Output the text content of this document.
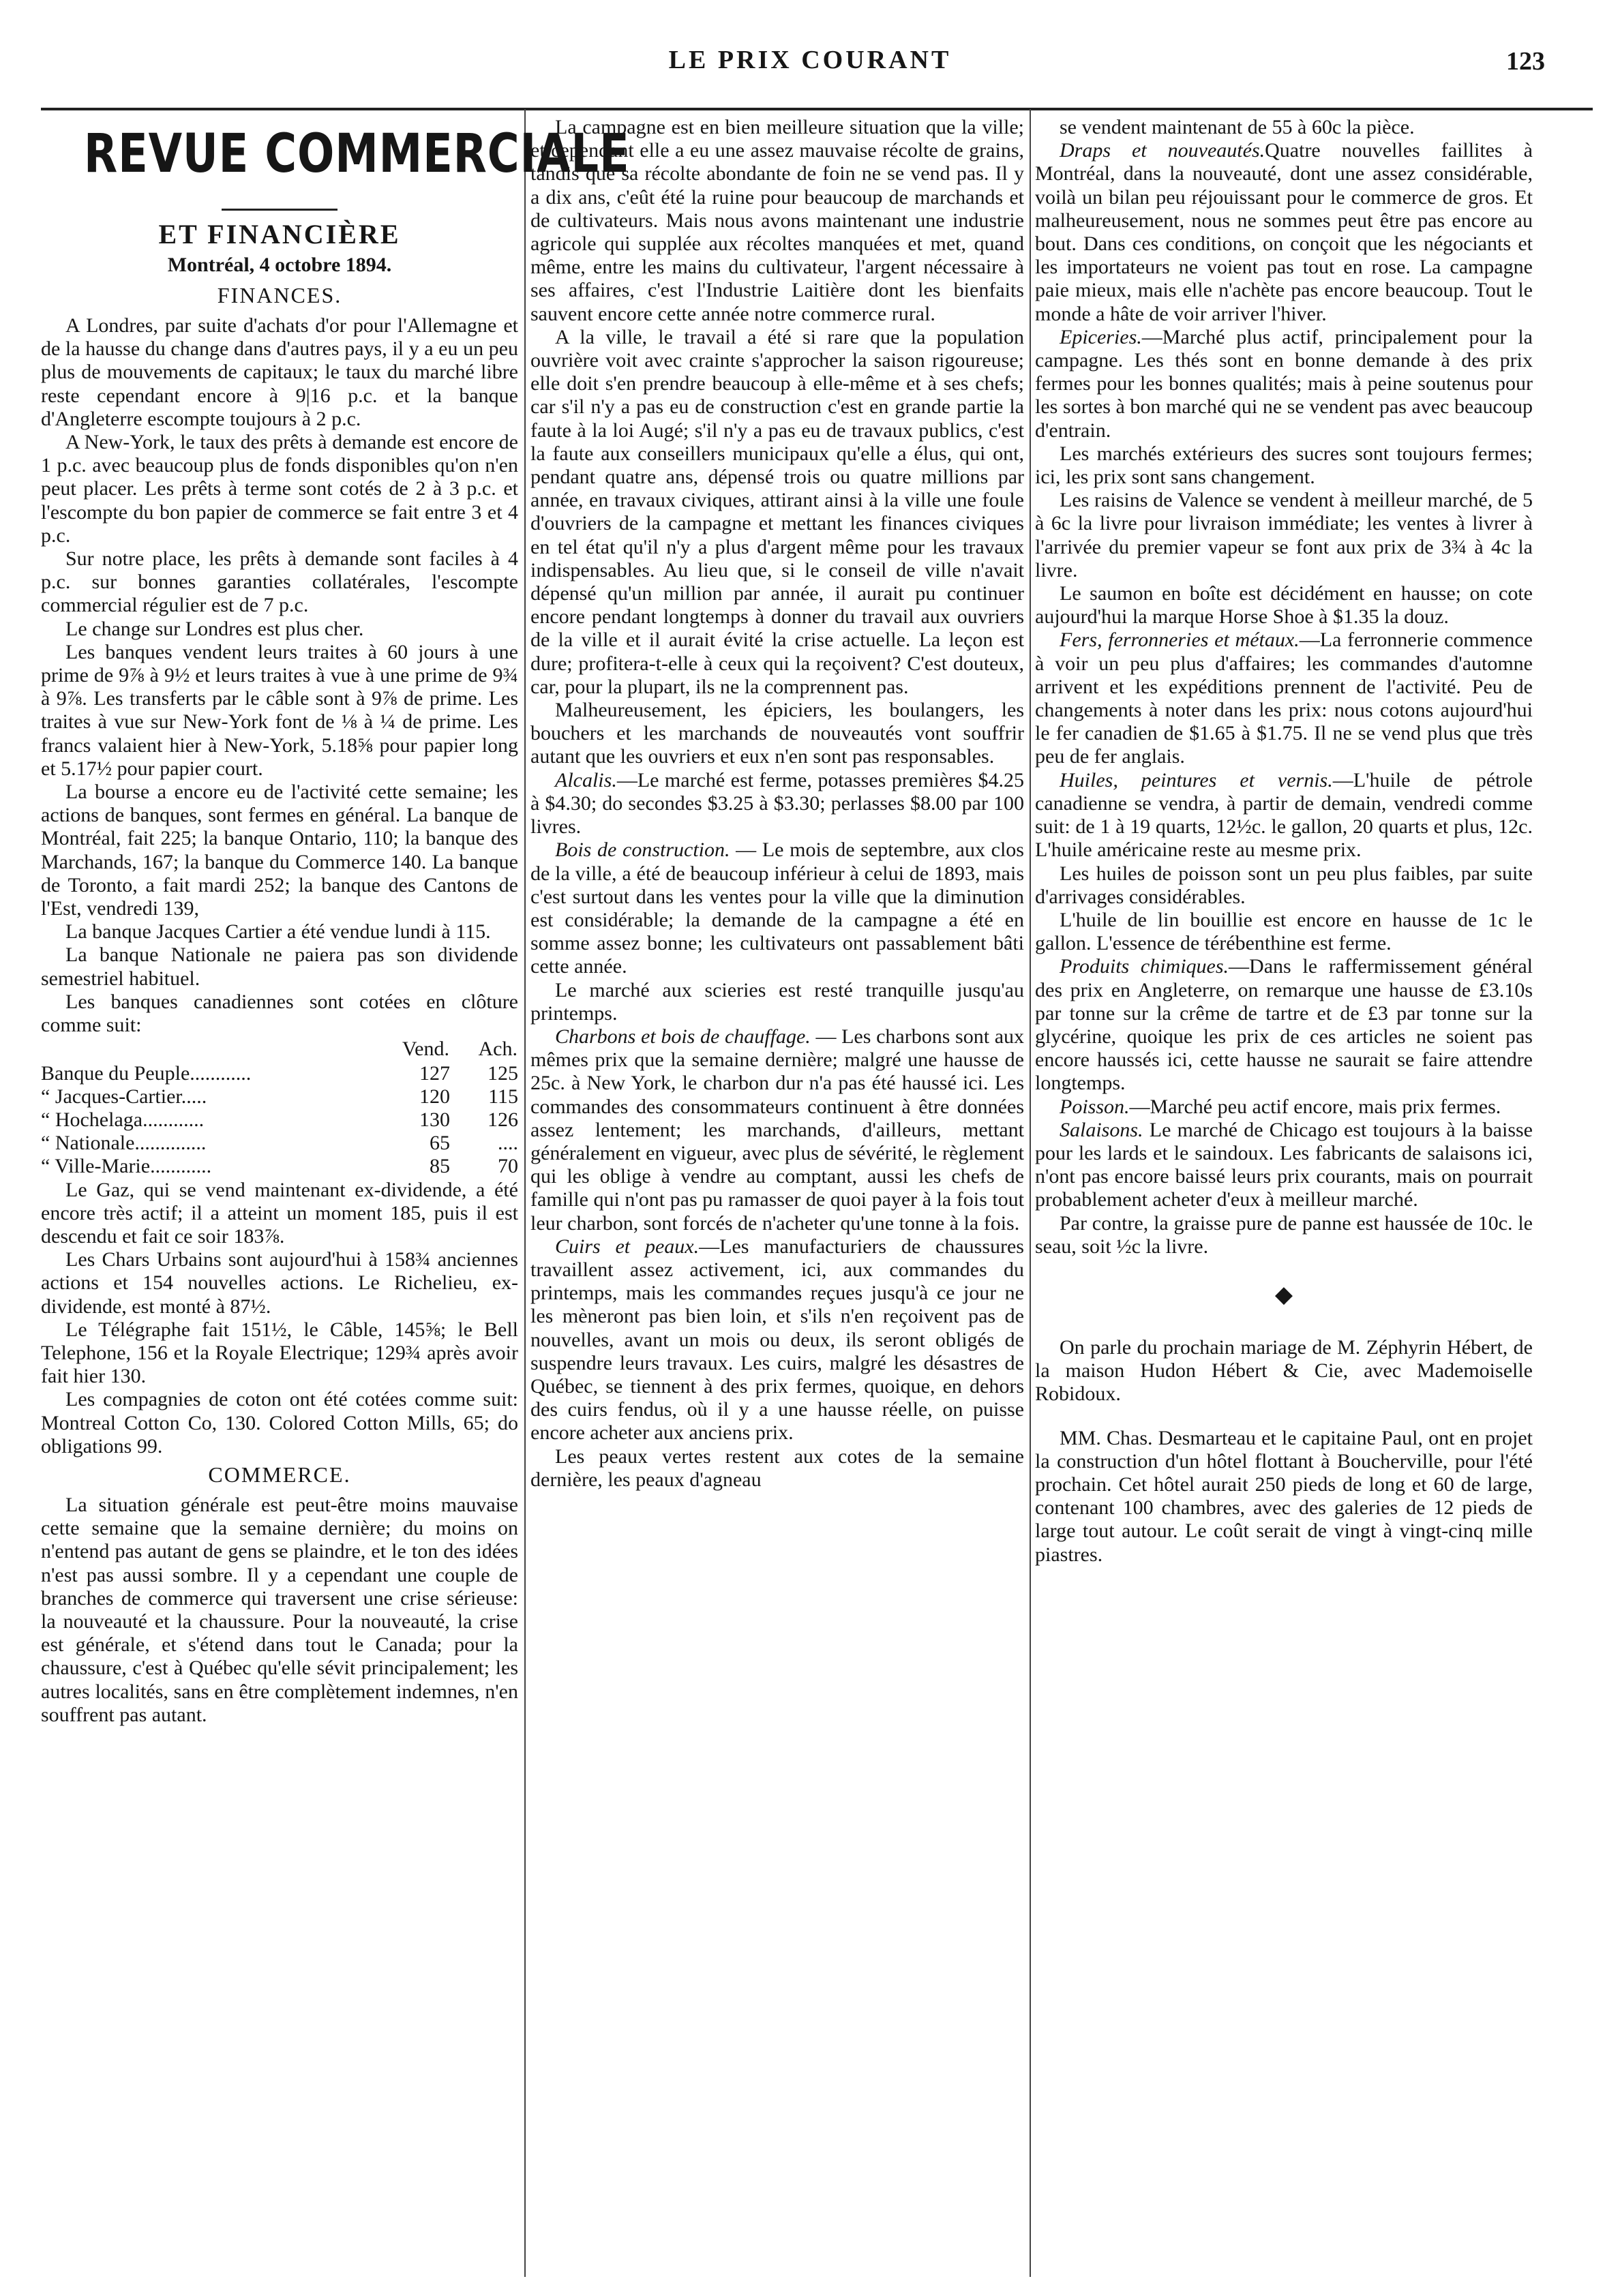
LE PRIX COURANT	123
REVUE COMMERCIALE
ET FINANCIÈRE
Montréal, 4 octobre 1894.
FINANCES.

A Londres, par suite d'achats d'or pour l'Allemagne et de la hausse du change dans d'autres pays, il y a eu un peu plus de mouvements de capitaux; le taux du marché libre reste cependant encore à 9|16 p.c. et la banque d'Angleterre escompte toujours à 2 p.c.

A New-York, le taux des prêts à demande est encore de 1 p.c. avec beaucoup plus de fonds disponibles qu'on n'en peut placer. Les prêts à terme sont cotés de 2 à 3 p.c. et l'escompte du bon papier de commerce se fait entre 3 et 4 p.c.

Sur notre place, les prêts à demande sont faciles à 4 p.c. sur bonnes garanties collatérales, l'escompte commercial régulier est de 7 p.c.

Le change sur Londres est plus cher.

Les banques vendent leurs traites à 60 jours à une prime de 9⅞ à 9½ et leurs traites à vue à une prime de 9¾ à 9⅞. Les transferts par le câble sont à 9⅞ de prime. Les traites à vue sur New-York font de ⅛ à ¼ de prime. Les francs valaient hier à New-York, 5.18⅝ pour papier long et 5.17½ pour papier court.

La bourse a encore eu de l'activité cette semaine; les actions de banques, sont fermes en général. La banque de Montréal, fait 225; la banque Ontario, 110; la banque des Marchands, 167; la banque du Commerce 140. La banque de Toronto, a fait mardi 252; la banque des Cantons de l'Est, vendredi 139,

La banque Jacques Cartier a été vendue lundi à 115.

La banque Nationale ne paiera pas son dividende semestriel habituel.

Les banques canadiennes sont cotées en clôture comme suit:

	Vend.	Ach.
Banque du Peuple............	127	125
“ Jacques-Cartier.....	120	115
“ Hochelaga............	130	126
“ Nationale..............	65	....
“ Ville-Marie............	85	70

Le Gaz, qui se vend maintenant ex-dividende, a été encore très actif; il a atteint un moment 185, puis il est descendu et fait ce soir 183⅞.

Les Chars Urbains sont aujourd'hui à 158¾ anciennes actions et 154 nouvelles actions. Le Richelieu, ex-dividende, est monté à 87½.

Le Télégraphe fait 151½, le Câble, 145⅝; le Bell Telephone, 156 et la Royale Electrique; 129¾ après avoir fait hier 130.

Les compagnies de coton ont été cotées comme suit: Montreal Cotton Co, 130. Colored Cotton Mills, 65; do obligations 99.

COMMERCE.

La situation générale est peut-être moins mauvaise cette semaine que la semaine dernière; du moins on n'entend pas autant de gens se plaindre, et le ton des idées n'est pas aussi sombre. Il y a cependant une couple de branches de commerce qui traversent une crise sérieuse: la nouveauté et la chaussure. Pour la nouveauté, la crise est générale, et s'étend dans tout le Canada; pour la chaussure, c'est à Québec qu'elle sévit principalement; les autres localités, sans en être complètement indemnes, n'en souffrent pas autant.

La campagne est en bien meilleure situation que la ville; et cependant elle a eu une assez mauvaise récolte de grains, tandis que sa récolte abondante de foin ne se vend pas. Il y a dix ans, c'eût été la ruine pour beaucoup de marchands et de cultivateurs. Mais nous avons maintenant une industrie agricole qui supplée aux récoltes manquées et met, quand même, entre les mains du cultivateur, l'argent nécessaire à ses affaires, c'est l'Industrie Laitière dont les bienfaits sauvent encore cette année notre commerce rural.

A la ville, le travail a été si rare que la population ouvrière voit avec crainte s'approcher la saison rigoureuse; elle doit s'en prendre beaucoup à elle-même et à ses chefs; car s'il n'y a pas eu de construction c'est en grande partie la faute à la loi Augé; s'il n'y a pas eu de travaux publics, c'est la faute aux conseillers municipaux qu'elle a élus, qui ont, pendant quatre ans, dépensé trois ou quatre millions par année, en travaux civiques, attirant ainsi à la ville une foule d'ouvriers de la campagne et mettant les finances civiques en tel état qu'il n'y a plus d'argent même pour les travaux indispensables. Au lieu que, si le conseil de ville n'avait dépensé qu'un million par année, il aurait pu continuer encore pendant longtemps à donner du travail aux ouvriers de la ville et il aurait évité la crise actuelle. La leçon est dure; profitera-t-elle à ceux qui la reçoivent? C'est douteux, car, pour la plupart, ils ne la comprennent pas.

Malheureusement, les épiciers, les boulangers, les bouchers et les marchands de nouveautés vont souffrir autant que les ouvriers et eux n'en sont pas responsables.

Alcalis.—Le marché est ferme, potasses premières $4.25 à $4.30; do secondes $3.25 à $3.30; perlasses $8.00 par 100 livres.

Bois de construction. — Le mois de septembre, aux clos de la ville, a été de beaucoup inférieur à celui de 1893, mais c'est surtout dans les ventes pour la ville que la diminution est considérable; la demande de la campagne a été en somme assez bonne; les cultivateurs ont passablement bâti cette année.

Le marché aux scieries est resté tranquille jusqu'au printemps.

Charbons et bois de chauffage. — Les charbons sont aux mêmes prix que la semaine dernière; malgré une hausse de 25c. à New York, le charbon dur n'a pas été haussé ici. Les commandes des consommateurs continuent à être données assez lentement; les marchands, d'ailleurs, mettant généralement en vigueur, avec plus de sévérité, le règlement qui les oblige à vendre au comptant, aussi les chefs de famille qui n'ont pas pu ramasser de quoi payer à la fois tout leur charbon, sont forcés de n'acheter qu'une tonne à la fois.

Cuirs et peaux.—Les manufacturiers de chaussures travaillent assez activement, ici, aux commandes du printemps, mais les commandes reçues jusqu'à ce jour ne les mèneront pas bien loin, et s'ils n'en reçoivent pas de nouvelles, avant un mois ou deux, ils seront obligés de suspendre leurs travaux. Les cuirs, malgré les désastres de Québec, se tiennent à des prix fermes, quoique, en dehors des cuirs fendus, où il y a une hausse réelle, on puisse encore acheter aux anciens prix.

Les peaux vertes restent aux cotes de la semaine dernière, les peaux d'agneau

se vendent maintenant de 55 à 60c la pièce.

Draps et nouveautés.Quatre nouvelles faillites à Montréal, dans la nouveauté, dont une assez considérable, voilà un bilan peu réjouissant pour le commerce de gros. Et malheureusement, nous ne sommes peut être pas encore au bout. Dans ces conditions, on conçoit que les négociants et les importateurs ne voient pas tout en rose. La campagne paie mieux, mais elle n'achète pas encore beaucoup. Tout le monde a hâte de voir arriver l'hiver.

Epiceries.—Marché plus actif, principalement pour la campagne. Les thés sont en bonne demande à des prix fermes pour les bonnes qualités; mais à peine soutenus pour les sortes à bon marché qui ne se vendent pas avec beaucoup d'entrain.

Les marchés extérieurs des sucres sont toujours fermes; ici, les prix sont sans changement.

Les raisins de Valence se vendent à meilleur marché, de 5 à 6c la livre pour livraison immédiate; les ventes à livrer à l'arrivée du premier vapeur se font aux prix de 3¾ à 4c la livre.

Le saumon en boîte est décidément en hausse; on cote aujourd'hui la marque Horse Shoe à $1.35 la douz.

Fers, ferronneries et métaux.—La ferronnerie commence à voir un peu plus d'affaires; les commandes d'automne arrivent et les expéditions prennent de l'activité. Peu de changements à noter dans les prix: nous cotons aujourd'hui le fer canadien de $1.65 à $1.75. Il ne se vend plus que très peu de fer anglais.

Huiles, peintures et vernis.—L'huile de pétrole canadienne se vendra, à partir de demain, vendredi comme suit: de 1 à 19 quarts, 12½c. le gallon, 20 quarts et plus, 12c. L'huile américaine reste au mesme prix.

Les huiles de poisson sont un peu plus faibles, par suite d'arrivages considérables.

L'huile de lin bouillie est encore en hausse de 1c le gallon. L'essence de térébenthine est ferme.

Produits chimiques.—Dans le raffermissement général des prix en Angleterre, on remarque une hausse de £3.10s par tonne sur la crême de tartre et de £3 par tonne sur la glycérine, quoique les prix de ces articles ne soient pas encore haussés ici, cette hausse ne saurait se faire attendre longtemps.

Poisson.—Marché peu actif encore, mais prix fermes.

Salaisons. Le marché de Chicago est toujours à la baisse pour les lards et le saindoux. Les fabricants de salaisons ici, n'ont pas encore baissé leurs prix courants, mais on pourrait probablement acheter d'eux à meilleur marché.

Par contre, la graisse pure de panne est haussée de 10c. le seau, soit ½c la livre.

◆

On parle du prochain mariage de M. Zéphyrin Hébert, de la maison Hudon Hébert & Cie, avec Mademoiselle Robidoux.

MM. Chas. Desmarteau et le capitaine Paul, ont en projet la construction d'un hôtel flottant à Boucherville, pour l'été prochain. Cet hôtel aurait 250 pieds de long et 60 de large, contenant 100 chambres, avec des galeries de 12 pieds de large tout autour. Le coût serait de vingt à vingt-cinq mille piastres.
